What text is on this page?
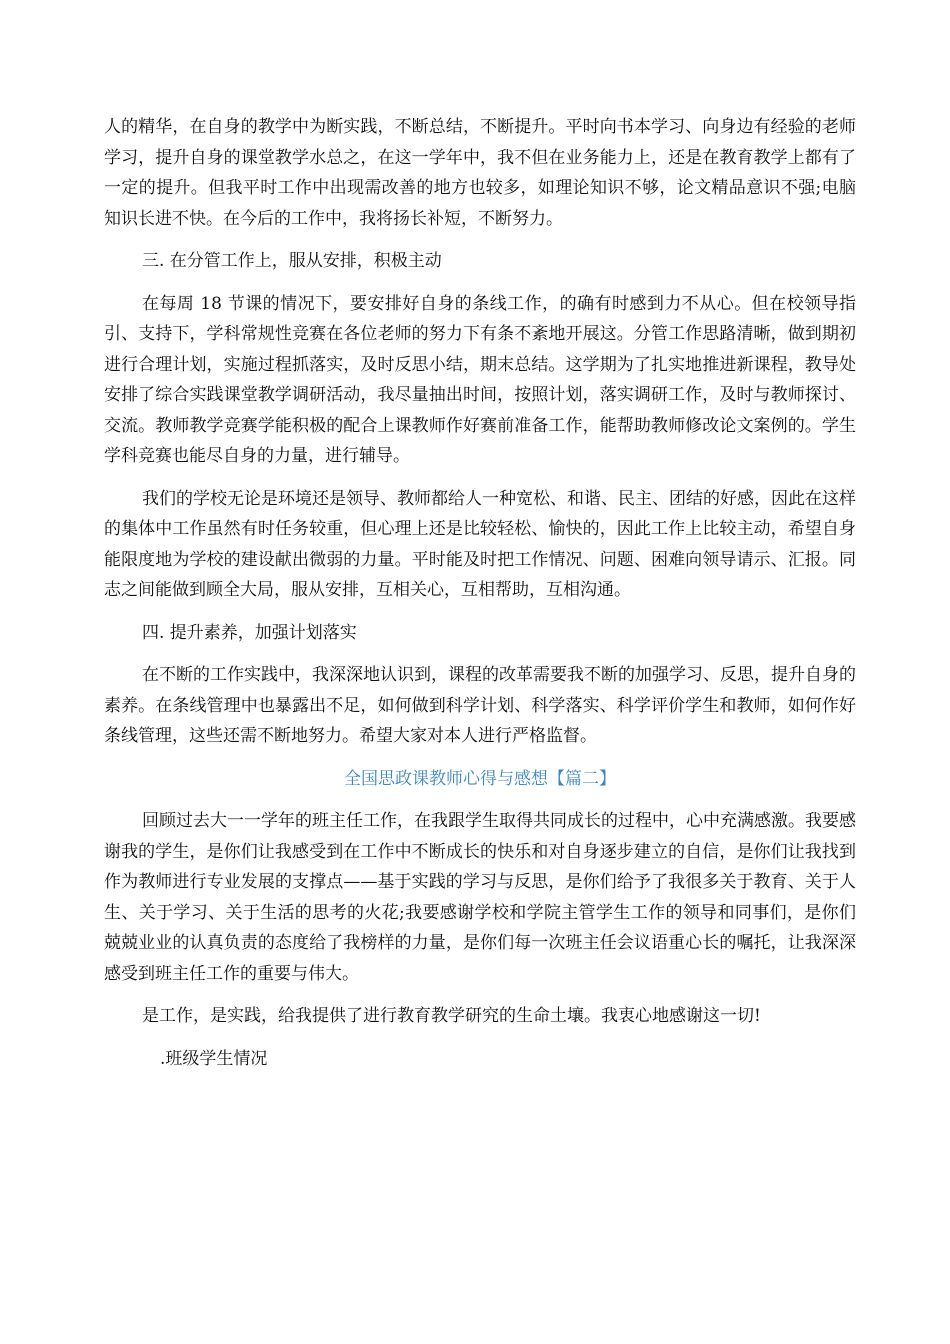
人的精华，在自身的教学中为断实践，不断总结，不断提升。平时向书本学习、向身边有经验的老师学习，提升自身的课堂教学水总之，在这一学年中，我不但在业务能力上，还是在教育教学上都有了一定的提升。但我平时工作中出现需改善的地方也较多，如理论知识不够，论文精品意识不强;电脑知识长进不快。在今后的工作中，我将扬长补短，不断努力。

三. 在分管工作上，服从安排，积极主动

在每周 18 节课的情况下，要安排好自身的条线工作，的确有时感到力不从心。但在校领导指引、支持下，学科常规性竞赛在各位老师的努力下有条不紊地开展这。分管工作思路清晰，做到期初进行合理计划，实施过程抓落实，及时反思小结，期末总结。这学期为了扎实地推进新课程，教导处安排了综合实践课堂教学调研活动，我尽量抽出时间，按照计划，落实调研工作，及时与教师探讨、交流。教师教学竞赛学能积极的配合上课教师作好赛前准备工作，能帮助教师修改论文案例的。学生学科竞赛也能尽自身的力量，进行辅导。

我们的学校无论是环境还是领导、教师都给人一种宽松、和谐、民主、团结的好感，因此在这样的集体中工作虽然有时任务较重，但心理上还是比较轻松、愉快的，因此工作上比较主动，希望自身能限度地为学校的建设献出微弱的力量。平时能及时把工作情况、问题、困难向领导请示、汇报。同志之间能做到顾全大局，服从安排，互相关心，互相帮助，互相沟通。

四. 提升素养，加强计划落实

在不断的工作实践中，我深深地认识到，课程的改革需要我不断的加强学习、反思，提升自身的素养。在条线管理中也暴露出不足，如何做到科学计划、科学落实、科学评价学生和教师，如何作好条线管理，这些还需不断地努力。希望大家对本人进行严格监督。

全国思政课教师心得与感想【篇二】

回顾过去大一一学年的班主任工作，在我跟学生取得共同成长的过程中，心中充满感激。我要感谢我的学生，是你们让我感受到在工作中不断成长的快乐和对自身逐步建立的自信，是你们让我找到作为教师进行专业发展的支撑点——基于实践的学习与反思，是你们给予了我很多关于教育、关于人生、关于学习、关于生活的思考的火花;我要感谢学校和学院主管学生工作的领导和同事们，是你们兢兢业业的认真负责的态度给了我榜样的力量，是你们每一次班主任会议语重心长的嘱托，让我深深感受到班主任工作的重要与伟大。

是工作，是实践，给我提供了进行教育教学研究的生命土壤。我衷心地感谢这一切!

.班级学生情况
